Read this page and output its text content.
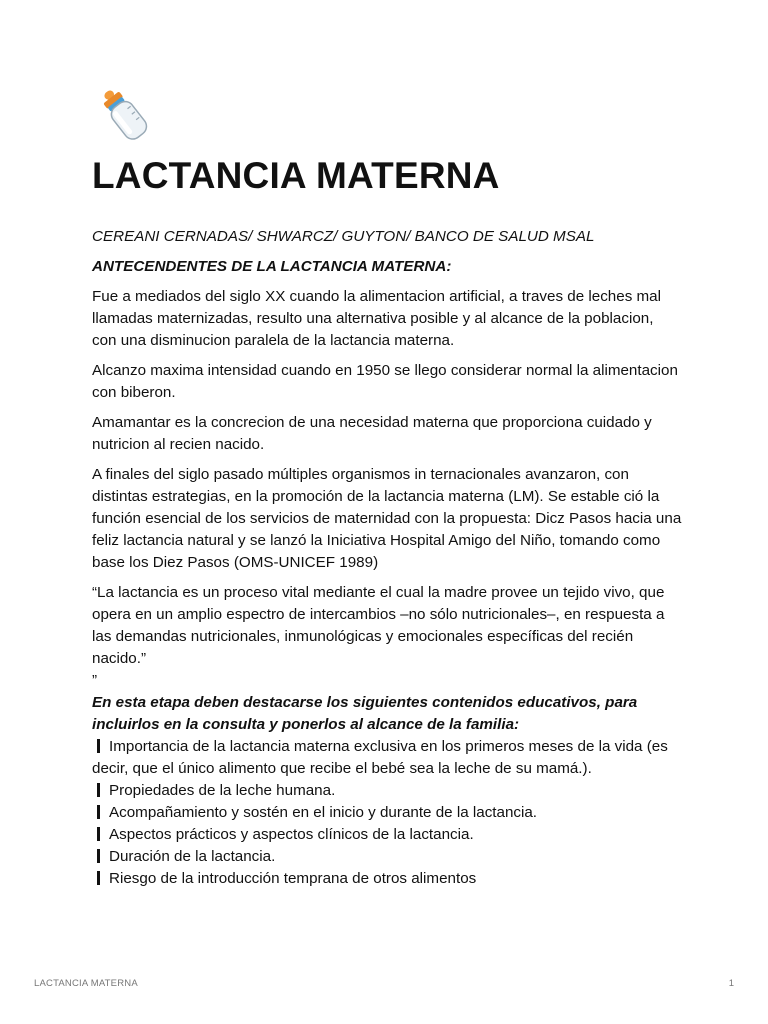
LACTANCIA MATERNA

CEREANI CERNADAS/ SHWARCZ/ GUYTON/ BANCO DE SALUD MSAL

ANTECENDENTES DE LA LACTANCIA MATERNA:

Fue a mediados del siglo XX cuando la alimentacion artificial, a traves de leches mal llamadas maternizadas, resulto una alternativa posible y al alcance de la poblacion, con una disminucion paralela de la lactancia materna.

Alcanzo maxima intensidad cuando en 1950 se llego considerar normal la alimentacion con biberon.

Amamantar es la concrecion de una necesidad materna que proporciona cuidado y nutricion al recien nacido.

A finales del siglo pasado múltiples organismos in ternacionales avanzaron, con distintas estrategias, en la promoción de la lactancia materna (LM). Se estable ció la función esencial de los servicios de maternidad con la propuesta: Dicz Pasos hacia una feliz lactancia natural y se lanzó la Iniciativa Hospital Amigo del Niño, tomando como base los Diez Pasos (OMS-UNICEF 1989)

“La lactancia es un proceso vital mediante el cual la madre provee un tejido vivo, que opera en un amplio espectro de intercambios –no sólo nutricionales–, en respuesta a las demandas nutricionales, inmunológicas y emocionales específicas del recién nacido.”

”

En esta etapa deben destacarse los siguientes contenidos educativos, para incluirlos en la consulta y ponerlos al alcance de la familia:

Importancia de la lactancia materna exclusiva en los primeros meses de la vida (es decir, que el único alimento que recibe el bebé sea la leche de su mamá.).
Propiedades de la leche humana.
Acompañamiento y sostén en el inicio y durante de la lactancia.
Aspectos prácticos y aspectos clínicos de la lactancia.
Duración de la lactancia.
Riesgo de la introducción temprana de otros alimentos
LACTANCIA MATERNA	1
